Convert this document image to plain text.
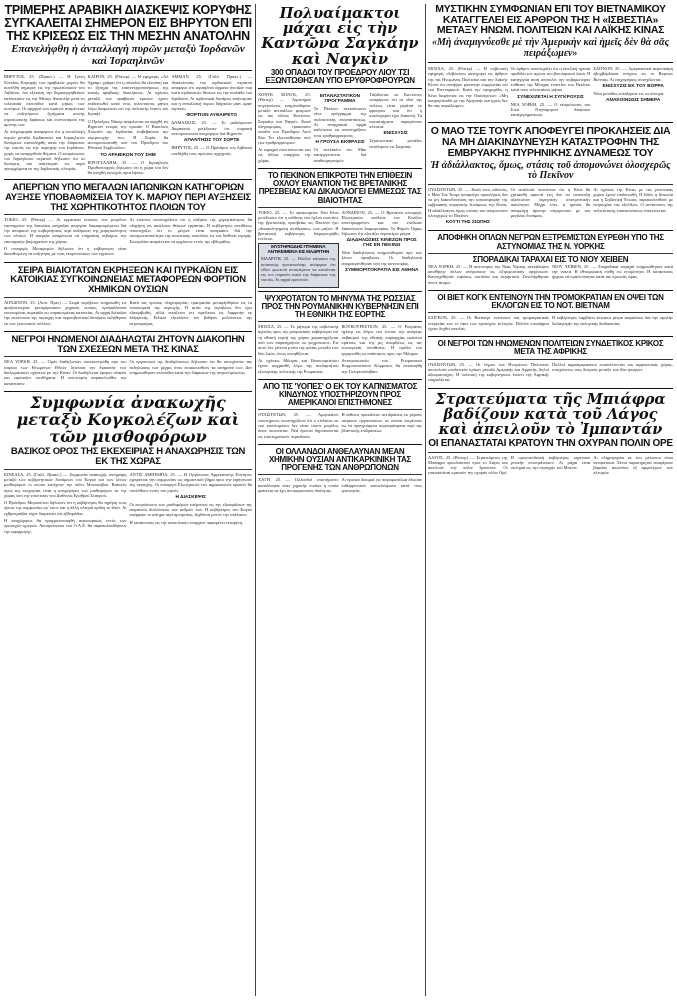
ΤΡΙΜΕΡΗΣ ΑΡΑΒΙΚΗ ΔΙΑΣΚΕΨΙΣ ΚΟΡΥΦΗΣ ΣΥΓΚΑΛΕΙΤΑΙ ΣΗΜΕΡΟΝ ΕΙΣ ΒΗΡΥΤΟΝ ΕΠΙ ΤΗΣ ΚΡΙΣΕΩΣ ΕΙΣ ΤΗΝ ΜΕΣΗΝ ΑΝΑΤΟΛΗΝ
Επανελήφθη ἡ ἀνταλλαγὴ πυρῶν μεταξὺ Ἰορδανῶν καὶ Ἰσραηλινῶν

ΒΗΡΥΤΟΣ, 25. (Πρακτ.) — Η Τρίτη Σύνοδος Κορυφής των αραβικών χωρών θα συνέλθη σήμερον εις την πρωτεύουσαν του Λιβάνου, ίνα εξετάση την δημιουργηθείσαν κατάστασιν εις την Μέσην Ανατολήν μετά τα τελευταία επεισόδια κατά μήκος των συνόρων. Οι αρχηγοί των κρατών αναμένεται να συζητήσουν ζητήματα κοινής στρατιωτικής δράσεως και συντονισμού της αμύνης των.

Αι πληροφορίαι αναφέρουν ότι η ανταλλαγή πυρών μεταξύ Ιορδανικών και Ισραηλινών δυνάμεων επανελήφθη κατά την διάρκειαν της νυκτός εις την περιοχήν του Ιορδάνου, χωρίς να αναφερθούν θύματα. Ο εκπρόσωπος του Ισραηλινού στρατού δήλωσεν ότι αι δυνάμεις του απήντησαν εις πυρά προερχόμενα εκ της Ιορδανικής πλευράς.

ΚΑΪΡΟΝ, 25. (Ρόιτερ) — Η εφημερίς «Αλ Αχράμ» γράφει ότι η σύνοδος θα εξετάση και το ζήτημα της επανενεργοποιήσεως της κοινής αραβικής διοικήσεως. Αι σχέσεις μεταξύ των αραβικών κρατών έχουν επιδεινωθεί κατά τους τελευταίους μήνας λόγω διαφωνιών επί της πολιτικής έναντι του Ισραήλ.

Ο Πρόεδρος Νάσερ αναμένεται να αφιχθή εις Βηρυτόν ενωρίς την πρωίαν. Ο Βασιλεύς Χουσεΐν της Ιορδανίας επιβεβαίωσε την συμμετοχήν του. Η Συρία θα αντιπροσωπευθή υπό του Προέδρου του Εθνικού Συμβουλίου.

ΤΟ ΑΡΑΒΙΚΟΝ ΤΟΥ ΣΗΜ

ΙΕΡΟΥΣΑΛΗΜ, 25. — Ο Ισραηλινός Πρωθυπουργός δήλωσεν ότι η χώρα του δεν θα ανεχθή συνεχείς προκλήσεις.

ΑΜΜΑΝ, 25. (Γαλλ. Πρακτ.) — Ανακοίνωσις του ιορδανικού στρατού αναφέρει ότι ισραηλινά άρματα ήνοιξαν πυρ κατά ιορδανικών θέσεων εις την κοιλάδα του Ιορδάνου. Αι ιορδανικαί δυνάμεις απήντησαν και η ανταλλαγή πυρών διήρκεσε μίαν ώραν περίπου.

ΦΟΡΤΙΟΝ ΑΥΘΑΙΡΕΤΟ

ΔΑΜΑΣΚΟΣ, 25. — Το ραδιόφωνον Δαμασκού μετέδωσεν ότι συριακή αντιπροσωπεία ανεχώρησε διά Βηρυτόν.

ΑΠΑΝΤΗΣΙΣ ΤΟΥ ΣΟΡΤΕ

ΒΗΡΥΤΟΣ, 25. — Ο Πρόεδρος του Λιβάνου υπεδέχθη τους πρώτους αρχηγούς.

ΑΠΕΡΓΙΩΝ ΥΠΟ ΜΕΓΑΛΩΝ ΙΑΠΩΝΙΚΩΝ ΚΑΤΗΓΟΡΙΩΝ ΑΥΞΗΣΕ ΥΠΟΒΑΘΜΙΣΕΙΑ ΤΟΥ Κ. ΜΑΡΙΟΥ ΠΕΡΙ ΑΥΞΗΣΕΙΣ ΤΗΣ ΧΩΡΗΤΙΚΟΤΗΤΟΣ ΠΛΟΙΩΝ ΤΟΥ

ΤΟΚΙΟ, 25. (Ρόιτερ) — Αι εργατικαί ενώσεις των μεγάλων ναυπηγείων της Ιαπωνίας εκήρυξαν απεργίαν διαμαρτυρόμενοι διά την απόφασιν της κυβερνήσεως περί αυξήσεως της χωρητικότητος των πλοίων. Η απεργία αναμένεται να επηρεάση σοβαρώς την ναυπηγικήν βιομηχανίαν της χώρας.

Ο υπουργός Μεταφορών δήλωσεν ότι η κυβέρνησις είναι διατεθειμένη να συζητήση με τους εκπροσώπους των εργατών.

Αι ενώσεις υποστηρίζουν ότι η αύξησις της χωρητικότητος θα οδηγήση εις απώλειαν θέσεων εργασίας. Η κυβέρνησις αντιθέτως υποστηρίζει ότι το μέτρον είναι αναγκαίον διά την ανταγωνιστικότητα της ιαπωνικής ναυτιλίας εις τας διεθνείς αγοράς. Συνομιλίαι αναμένεται να αρχίσουν εντός της εβδομάδος.

ΣΕΙΡΑ ΒΙΑΙΟΤΑΤΩΝ ΕΚΡΗΞΕΩΝ ΚΑΙ ΠΥΡΚΑΪΩΝ ΕΙΣ ΚΑΤΟΙΚΙΑΣ ΣΥΓΚΟΙΝΩΝΕΙΑΣ ΜΕΤΑΦΟΡΕΩΝ ΦΟΡΤΙΟΝ ΧΗΜΙΚΩΝ ΟΥΣΙΩΝ

ΛΟΝΔΙΝΟΝ, 25. (Ασσ. Πρες) — Σειρά εκρήξεων εσημειώθη εις αμαξοστοιχίαν μεταφέρουσαν χημικάς ουσίας, προκαλέσασα εκτεταμένας πυρκαϊάς εις παρακειμένας κατοικίας. Αι αρχαί διέταξαν την εκκένωσιν της περιοχής και πυροσβεστικαί δυνάμεις εκλήθησαν εκ των γειτονικών πόλεων.

Κατά τας πρώτας πληροφορίας, τραυματίαι μεταφέρθησαν εις τα νοσοκομεία της περιοχής. Η αιτία της εκρήξεως δεν έχει εξακριβωθή, αλλά εικάζεται ότι οφείλεται εις διαρροήν εκ δεξαμενής. Ειδικοί εξετάζουν τον βαθμόν μολύνσεως της ατμοσφαίρας.

ΝΕΓΡΟΙ ΗΝΩΜΕΝΟΙ ΔΙΑΔΗΛΩΤΑΙ ΖΗΤΟΥΝ ΔΙΑΚΟΠΗΝ ΤΩΝ ΣΧΕΣΕΩΝ ΜΕΤΑ ΤΗΣ ΚΙΝΑΣ

ΝΕΑ ΥΟΡΚΗ, 25. — Ομάς διαδηλωτών συνεκεντρώθη προ του κτιρίου των Ηνωμένων Εθνών ζητούσα την διακοπήν των διπλωματικών σχέσεων με την Κίναν. Οι διαδηλωταί έφερον πλακάτ και εφώναζον συνθήματα. Η αστυνομία παρακολούθει την κατάστασιν.

Οι οργανωταί της διαδηλώσεως δήλωσαν ότι θα συνεχίσουν τας εκδηλώσεις των μέχρις ότου εισακουσθούν τα αιτήματά των. Δεν εσημειώθησαν επεισόδια κατά την διάρκειαν της συγκεντρώσεως.

Συμφωνία ἀνακωχῆς μεταξὺ Κογκολέζων καὶ τῶν μισθοφόρων
ΒΑΣΙΚΟΣ ΟΡΟΣ ΤΗΣ ΕΚΕΧΕΙΡΙΑΣ Η ΑΝΑΧΩΡΗΣΙΣ ΤΩΝ ΕΚ ΤΗΣ ΧΩΡΑΣ

ΚΙΝΣΑΣΑ, 25. (Γαλλ. Πρακτ.) — Συμφωνία ανακωχής υπεγράφη μεταξύ των κυβερνητικών δυνάμεων του Κογκό και των ξένων μισθοφόρων οι οποίοι κατέχουν την πόλιν Μπουκάβου. Βασικός όρος της εκεχειρίας είναι η αναχώρησις των μισθοφόρων εκ της χώρας υπό την εποπτείαν του Διεθνούς Ερυθρού Σταυρού.

Ο Πρόεδρος Μομπούτου δήλωσεν ότι η κυβέρνησις θα τηρήση τους όρους της συμφωνίας εφ' όσον και η άλλη πλευρά πράξη το ίδιον. Αι εχθροπραξίαι είχον διαρκέσει επί εβδομάδας.

Η αναχώρησις θα πραγματοποιηθή αεροπορικώς εντός των προσεχών ημερών. Αντιπρόσωποι του Ο.Α.Ε. θα παρακολουθήσουν την εφαρμογήν.

ΑΝΤΙΣ ΑΜΠΕΜΠΑ, 25. — Η Οργάνωσις Αφρικανικής Ενότητος εχαιρέτισε την συμφωνίαν ως σημαντικόν βήμα προς την ειρήνευσιν της περιοχής. Οι υπουργοί Εξωτερικών των αφρικανικών κρατών θα συνέλθουν εντός του μηνός.

Η ΔΙΑΣΚΕΨΙΣ

Οι εκπρόσωποι των μισθοφόρων επέμειναν εις την εξασφάλισιν της ασφαλούς διελεύσεως των ανδρών των. Η κυβέρνησις του Κογκό απέρριψε το αίτημα περί αμνηστίας, δεχθείσα μόνον την απέλασιν.

Η κατάστασις εις την ανατολικήν επαρχίαν παραμένει τεταμένη.

Πολυαίμακτοι μάχαι εἰς τὴν Καντῶνα Σαγκάην καὶ Ναγκὶν
300 ΟΠΑΔΟΙ ΤΟΥ ΠΡΟΕΔΡΟΥ ΛΙΟΥ ΤΣΙ ΕΞΩΝΤΩΘΗΣΑΝ ΥΠΟ ΕΡΥΘΡΟΦΡΟΥΡΩΝ

ΧΟΝΓΚ ΚΟΝΓΚ, 25. (Ρόιτερ) — Αιματηραί συγκρούσεις εσημειώθησαν μεταξύ αντιπάλων φατριών εις τας πόλεις Καντώνα, Σαγκάην και Ναγκίν. Κατά πληροφορίας, τριακόσιοι οπαδοί του Προέδρου Λιού Σάο Τσι εξωντώθησαν υπό των ερυθροφρουρών.

Αι ταραχαί επεκτείνονται και εις άλλας επαρχίας της χώρας.

ΕΠΑΝΑΣΤΑΤΙΚΟΝ ΠΡΟΓΡΑΜΜΑ

Το Πεκίνον ανεκοίνωσεν νέον πρόγραμμα της πολιτιστικής επαναστάσεως. Αι επαρχιακαί αρχαί καλούνται να υποστηρίξουν τους ερυθροφρουρούς.

Η ΓΡΟΥΣΑ ΕΚΦΡΑΣΙΣ

Οι αντίπαλοι του Μάο κατηγορούνται διά αναθεωρητισμόν.

Ταξιδιώται εκ Καντώνος αναφέρουν ότι αι οδοί της πόλεως είναι γεμάται εκ φρουρών και ότι η κυκλοφορία έχει διακοπή. Τα καταστήματα παραμένουν κλειστά.

ΕΝΙΣΧΥΣΙΣ

Στρατιωτικαί μονάδες εστάλησαν εις Σαγκάην.

ΤΟ ΠΕΚΙΝΟΝ ΕΠΙΚΡΟΤΕΙ ΤΗΝ ΕΠΙΘΕΣΙΝ ΟΧΛΟΥ ΕΝΑΝΤΙΟΝ ΤΗΣ ΒΡΕΤΑΝΙΚΗΣ ΠΡΕΣΒΕΙΑΣ ΚΑΙ ΔΙΚΑΙΟΛΟΓΕΙ ΕΜΜΕΣΩΣ ΤΑΣ ΒΙΑΙΟΤΗΤΑΣ

ΤΟΚΙΟ, 25. — Το πρακτορείον Νέα Κίνα μετέδωσεν ότι η επίθεσις του όχλου εναντίον της βρετανικής πρεσβείας εις Πεκίνον ήτο «δικαιολογημένη αντίδρασις» των μαζών. Η βρετανική κυβέρνησις διεμαρτυρήθη εντόνως.

ΜΥΣΤΗΡΙΩΔΗΣ ΠΤΗΜΕΝΑ ΑΝΤΙΚΕΙΜΕΝΑ ΕΙΣ ΜΑΔΡΙΤΗΝ

ΜΑΔΡΙΤΗ, 25. — Πολλοί κάτοικοι της ισπανικής πρωτευούσης ανέφεραν ότι είδον φωτεινά αντικείμενα να κινούνται εις τον ουρανόν κατά την διάρκειαν της νυκτός. Αι αρχαί ερευνούν.

ΛΟΝΔΙΝΟΝ, 25. — Ο Βρετανός υπουργός Εξωτερικών εκάλεσε τον Κινέζον επιτετραμμένον και του επέδωσε διακοίνωσιν διαμαρτυρίας. Το Φόρεϊν Όφφις δήλωσεν ότι εξετάζει περαιτέρω μέτρα.

ΔΙΑΔΗΛΩΣΕΙΣ ΚΙΝΕΖΩΝ ΠΡΟΣ ΓΗΣ ΕΝ ΠΕΚΙΝΩ

Νέαι διαδηλώσεις εσημειώθησαν προ των ξένων πρεσβειών. Οι διαδηλωταί απεμακρύνθησαν υπό της αστυνομίας.

ΣΥΜΜΟΡΙΤΟΚΡΑΤΙΑ ΕΙΣ ΑΘΗΝΑ

ΨΥΧΡΟΤΑΤΟΝ ΤΟ ΜΗΝΥΜΑ ΤΗΣ ΡΩΣΣΙΑΣ ΠΡΟΣ ΤΗΝ ΡΟΥΜΑΝΙΚΗΝ ΚΥΒΕΡΝΗΣΙΝ ΕΠΙ ΤΗ ΕΘΝΙΚΗ ΤΗΣ ΕΟΡΤΗΣ

ΜΟΣΧΑ, 25. — Το μήνυμα της σοβιετικής ηγεσίας προς την ρουμανικήν κυβέρνησιν επί τη εθνική εορτή της χώρας χαρακτηρίζεται υπό των παρατηρητών ως ψυχρότατον. Εις αυτό δεν γίνεται μνεία της φιλίας μεταξύ των δύο λαών, όπως συνηθίζεται.

Αι σχέσεις Μόσχας και Βουκουρεστίου έχουν ψυχρανθή λόγω της ανεξαρτήτου εξωτερικής πολιτικής της Ρουμανίας.

ΒΟΥΚΟΥΡΕΣΤΙΟΝ, 25. — Ο Ρουμάνος ηγέτης εις λόγον του τόνισε την ανάγκην σεβασμού της εθνικής κυριαρχίας εκάστου κράτους και της μη αναμίξεως εις τας εσωτερικάς υποθέσεις. Η ομιλία του ερμηνεύθη ως απάντησις προς την Μόσχαν.

Αντιπροσωπεία του Ρουμανικού Κομμουνιστικού Κόμματος θα επισκεφθή την Γιουγκοσλαβίαν.

ΑΠΟ ΤΙΣ 'ΥΟΠΕΣ' Ο ΕΚ ΤΟΥ ΚΑΠΝΙΣΜΑΤΟΣ ΚΙΝΔΥΝΟΣ ΥΠΟΣΤΗΡΙΖΟΥΝ ΠΡΟΣ ΑΜΕΡΙΚΑΝΟΙ ΕΠΙΣΤΗΜΟΝΕΣ

ΟΥΑΣΙΓΚΤΩΝ, 25. — Αμερικανοί επιστήμονες υποστηρίζουν ότι ο κίνδυνος εκ του καπνίσματος δεν είναι τόσον μεγάλος όσον πιστεύεται. Νέα έρευνα δημοσιεύεται εις επιστημονικόν περιοδικόν.

Η έκθεσις προκάλεσε αντιδράσεις εκ μέρους ιατρικών οργανώσεων, αι οποίαι επιμένουν εις τα προηγούμενα συμπεράσματα περί της βλαπτικής επιδράσεως.

ΟΙ ΟΛΛΑΝΔΟΙ ΑΝΘΕΛΑΥΝΑΝ ΜΕΑΝ ΧΗΜΙΚΗΝ ΟΥΣΙΑΝ ΑΝΤΙΚΑΡΚΙΝΙΚΗ ΤΑΣ ΠΡΟΓΕΝΗΣ ΤΩΝ ΑΝΘΡΩΠΟΝΩΝ

ΧΑΓΗ, 25. — Ολλανδοί επιστήμονες ανεκάλυψαν νέαν χημικήν ουσίαν η οποία φαίνεται να έχη αντικαρκινικάς ιδιότητας.

Αι πρώται δοκιμαί εις πειραματόζωα έδωσαν ενθαρρυντικά αποτελέσματα κατά τους ερευνητάς.

ΜΥΣΤΙΚΗΝ ΣΥΜΦΩΝΙΑΝ ΕΠΙ ΤΟΥ ΒΙΕΤΝΑΜΙΚΟΥ ΚΑΤΑΓΓΕΛΕΙ ΕΙΣ ΑΡΘΡΟΝ ΤΗΣ Η «ΙΣΒΕΣΤΙΑ» ΜΕΤΑΞΥ ΗΝΩΜ. ΠΟΛΙΤΕΙΩΝ ΚΑΙ ΛΑΪΚΗΣ ΚΙΝΑΣ
«Μὴ ἀναμιγνύεσθε μὲ τὴν Ἀμερικὴν καὶ ἡμεῖς δὲν θὰ σᾶς πειράξωμεν»

ΜΟΣΧΑ, 25. (Ρόιτερ) — Η σοβιετική εφημερίς «Ισβέστια» κατηγορεί εις άρθρον της τας Ηνωμένας Πολιτείας και την Λαϊκήν Κίναν ότι συνήψαν μυστικήν συμφωνίαν επί του Βιετναμικού. Κατά την εφημερίδα, η Κίνα διεμήνυσε εις την Ουάσιγκτων: «Μη αναμιγνύεσθε με την Αμερικήν και ημείς δεν θα σας πειράξωμεν».

Το άρθρον υποστηρίζει ότι η κινεζική ηγεσία προδίδει τον αγώνα του βιετναμικού λαού. Η κατηγορία αυτή αποτελεί την σοβαρωτέραν επίθεσιν της Μόσχας εναντίον του Πεκίνου κατά τους τελευταίους μήνας.

ΣΥΝΕΧΙΖΕΤΑΙ Η ΣΥΓΚΡΟΥΣΙΣ

ΝΕΑ ΥΟΡΚΗ, 25. — Ο εκπρόσωπος του Στέιτ Ντηπάρτμεντ διέψευσε κατηγορηματικώς.

ΣΑΪΓΚΟΝ, 25. — Αμερικανικά αεροσκάφη εβομβάρδισαν στόχους εις το Βόρειον Βιετνάμ. Αι επιχειρήσεις συνεχίζονται.

ΕΝΙΣΧΥΣΙΣ ΕΚ ΤΟΥ ΒΟΡΡΑ

Νέαι μονάδες εστάλησαν εις τα σύνορα.

ΑΝΑΚΟΙΝΩΣΙΣ ΣΗΜΕΡΑ

Ο ΜΑΟ ΤΣΕ ΤΟΥΓΚ ΑΠΟΦΕΥΓΕΙ ΠΡΟΚΛΗΣΕΙΣ ΔΙΑ ΝΑ ΜΗ ΔΙΑΚΙΝΔΥΝΕΥΣΗ ΚΑΤΑΣΤΡΟΦΗΝ ΤΗΣ ΕΜΒΡΥΑΚΗΣ ΠΥΡΗΝΙΚΗΣ ΔΥΝΑΜΕΩΣ ΤΟΥ
Ἡ ἀδιάλλακτος, ὅμως, στάσις τοῦ ἀπομονώνει ὁλοσχερῶς τὸ Πεκῖνον

ΟΥΑΣΙΓΚΤΩΝ, 25. — Κατά τους ειδικούς, ο Μάο Τσε Τουγκ αποφεύγει προκλήσεις διά να μη διακινδυνεύση την καταστροφήν της εμβρυακής πυρηνικής δυνάμεως της Κίνας. Η αδιάλλακτος όμως στάσις του απομονώνει ολοσχερώς το Πεκίνον.

ΚΟΥΤΙ ΤΗΣ ΣΙΩΠΗΣ

Οι αναλυταί πιστεύουν ότι η Κίνα θα χρειασθή αρκετά έτη διά να αναπτύξη αξιόπιστον πυρηνικήν αποτρεπτικήν ικανότητα. Μέχρι τότε, η ηγεσία θα αποφεύγη άμεσην σύγκρουσιν με τας μεγάλας δυνάμεις.

Αι σχέσεις της Κίνας με τας γειτονικάς χώρας έχουν επιδεινωθή. Η Ινδία, η Ιαπωνία και η Σοβιετική Ένωσις παρακολουθούν με ανησυχίαν τας εξελίξεις. Ο αντίκτυπος της πολιτιστικής επαναστάσεως επεκτείνεται.

ΑΠΟΦΗΚΗ ΟΠΛΩΝ ΝΕΓΡΩΝ ΕΞΤΡΕΜΙΣΤΩΝ ΕΥΡΕΘΗ ΥΠΟ ΤΗΣ ΑΣΤΥΝΟΜΙΑΣ ΤΗΣ Ν. ΥΟΡΚΗΣ
ΣΠΟΡΑΔΙΚΑΙ ΤΑΡΑΧΑΙ ΕΙΣ ΤΟ ΝΙΟΥ ΧΕΙΒΕΝ

ΝΕΑ ΥΟΡΚΗ, 25. — Η αστυνομία της Νέας Υόρκης ανεκάλυψεν αποθήκην όπλων ανήκουσαν εις εξτρεμιστικήν οργάνωσιν. Κατεσχέθησαν τυφέκια, πιστόλια και εκρηκτικά. Συνελήφθησαν πέντε άτομα.

ΝΙΟΥ ΧΕΪΒΕΝ, 25. — Σποραδικαί ταραχαί εσημειώθησαν κατά την νύκτα. Η εθνοφυλακή ετέθη εις ετοιμότητα. Η κατάστασις ήρχισε να ομαλοποιήται κατά τας πρωινάς ώρας.

ΟΙ ΒΙΕΤ ΚΟΓΚ ΕΝΤΕΙΝΟΥΝ ΤΗΝ ΤΡΟΜΟΚΡΑΤΙΑΝ ΕΝ ΟΨΕΙ ΤΩΝ ΕΚΛΟΓΩΝ ΕΙΣ ΤΟ ΝΟΤ. ΒΙΕΤΝΑΜ

ΣΑΪΓΚΟΝ, 25. — Οι Βιετκόγκ εντείνουν τας τρομοκρατικάς ενεργείας των εν όψει των προσεχών εκλογών. Πολλοί υποψήφιοι έχουν δεχθεί απειλάς.

Η κυβέρνησις λαμβάνει έκτακτα μέτρα ασφαλείας διά την ομαλήν διεξαγωγήν της εκλογικής διαδικασίας.

ΟΙ ΝΕΓΡΟΙ ΤΩΝ ΗΝΩΜΕΝΩΝ ΠΟΛΙΤΕΙΩΝ ΣΥΝΔΕΤΙΚΟΣ ΚΡΙΚΟΣ ΜΕΤΑ ΤΗΣ ΑΦΡΙΚΗΣ

ΟΥΑΣΙΓΚΤΩΝ, 25. — Οι νέγροι των Ηνωμένων Πολιτειών αποτελούν συνδετικόν κρίκον μεταξύ Αμερικής και Αφρικής, δηλοί αξιωματούχος. Η πολιτική της κυβερνήσεως έναντι της Αφρικής επηρεάζεται.

Πολλοί αφροαμερικανοί επισκέπτονται τας αφρικανικάς χώρας, ενισχύοντες τους δεσμούς μεταξύ των δύο ηπείρων.

Στρατεύματα τῆς Μπιάφρα βαδίζουν κατὰ τοῦ Λάγος καὶ ἀπειλοῦν τὸ Ἰμπαντάν
ΟΙ ΕΠΑΝΑΣΤΑΤΑΙ ΚΡΑΤΟΥΝ ΤΗΝ ΟΧΥΡΑΝ ΠΟΛΙΝ ΟΡΕ

ΛΑΓΟΣ, 25. (Ρόιτερ) — Στρατεύματα της Μπιάφρα προελαύνουν προς το Λάγος και απειλούν την πόλιν Ιμπαντάν. Οι επαναστάται κρατούν την οχυράν πόλιν Ορέ.

Η ομοσπονδιακή κυβέρνησις κηρύσσει γενικήν επιστράτευσιν. Αι μάχαι είναι σκληραί εις την περιοχήν του Μπενίν.

Αι πληροφορίαι εκ του μετώπου είναι αντιφατικαί. Ξένοι παρατηρηταί αναφέρουν βαρείας απωλείας εξ αμφοτέρων των πλευρών.
